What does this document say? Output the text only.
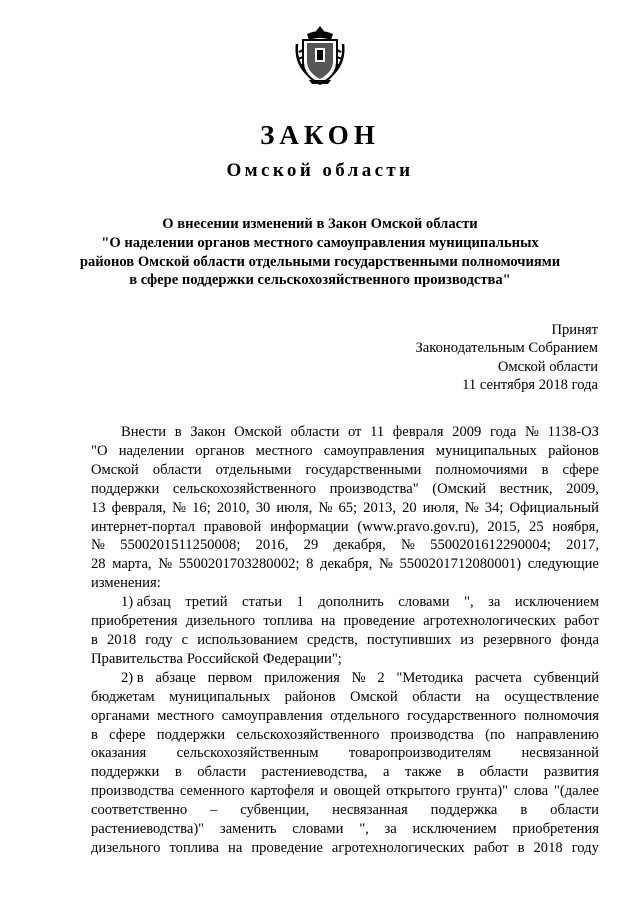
ЗАКОН
Омской области
О внесении изменений в Закон Омской области
"О наделении органов местного самоуправления муниципальных
районов Омской области отдельными государственными полномочиями
в сфере поддержки сельскохозяйственного производства"
Принят
Законодательным Собранием
Омской области
11 сентября 2018 года
Внести в Закон Омской области от 11 февраля 2009 года № 1138-ОЗ
"О наделении органов местного самоуправления муниципальных районов
Омской области отдельными государственными полномочиями в сфере
поддержки сельскохозяйственного производства" (Омский вестник, 2009,
13 февраля, № 16; 2010, 30 июля, № 65; 2013, 20 июля, № 34; Официальный
интернет-портал правовой информации (www.pravo.gov.ru), 2015, 25 ноября,
№ 5500201511250008; 2016, 29 декабря, № 5500201612290004; 2017,
28 марта, № 5500201703280002; 8 декабря, № 5500201712080001) следующие
изменения:
1) абзац третий статьи 1 дополнить словами ", за исключением
приобретения дизельного топлива на проведение агротехнологических работ
в 2018 году с использованием средств, поступивших из резервного фонда
Правительства Российской Федерации";
2) в абзаце первом приложения № 2 "Методика расчета субвенций
бюджетам муниципальных районов Омской области на осуществление
органами местного самоуправления отдельного государственного полномочия
в сфере поддержки сельскохозяйственного производства (по направлению
оказания сельскохозяйственным товаропроизводителям несвязанной
поддержки в области растениеводства, а также в области развития
производства семенного картофеля и овощей открытого грунта)" слова "(далее
соответственно – субвенции, несвязанная поддержка в области
растениеводства)" заменить словами ", за исключением приобретения
дизельного топлива на проведение агротехнологических работ в 2018 году
